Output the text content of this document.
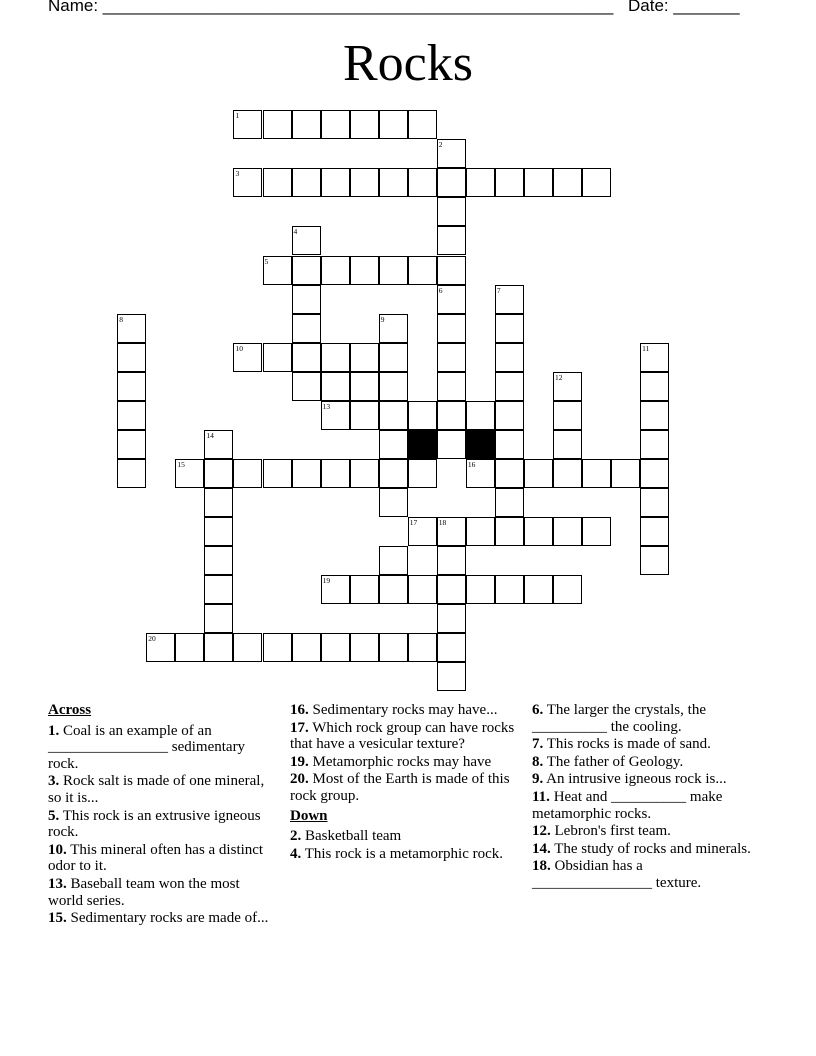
Name: ______________________________________________________ Date: _______
Rocks
1
2
3
4
5
6	7
8	9
10	11
12
13
14
15	16
17	18
19
20
Across
1. Coal is an example of an ________________ sedimentary rock.
3. Rock salt is made of one mineral, so it is...
5. This rock is an extrusive igneous rock.
10. This mineral often has a distinct odor to it.
13. Baseball team won the most world series.
15. Sedimentary rocks are made of...
16. Sedimentary rocks may have...
17. Which rock group can have rocks that have a vesicular texture?
19. Metamorphic rocks may have
20. Most of the Earth is made of this rock group.
Down
2. Basketball team
4. This rock is a metamorphic rock.
6. The larger the crystals, the __________ the cooling.
7. This rocks is made of sand.
8. The father of Geology.
9. An intrusive igneous rock is...
11. Heat and __________ make metamorphic rocks.
12. Lebron's first team.
14. The study of rocks and minerals.
18. Obsidian has a ________________ texture.
